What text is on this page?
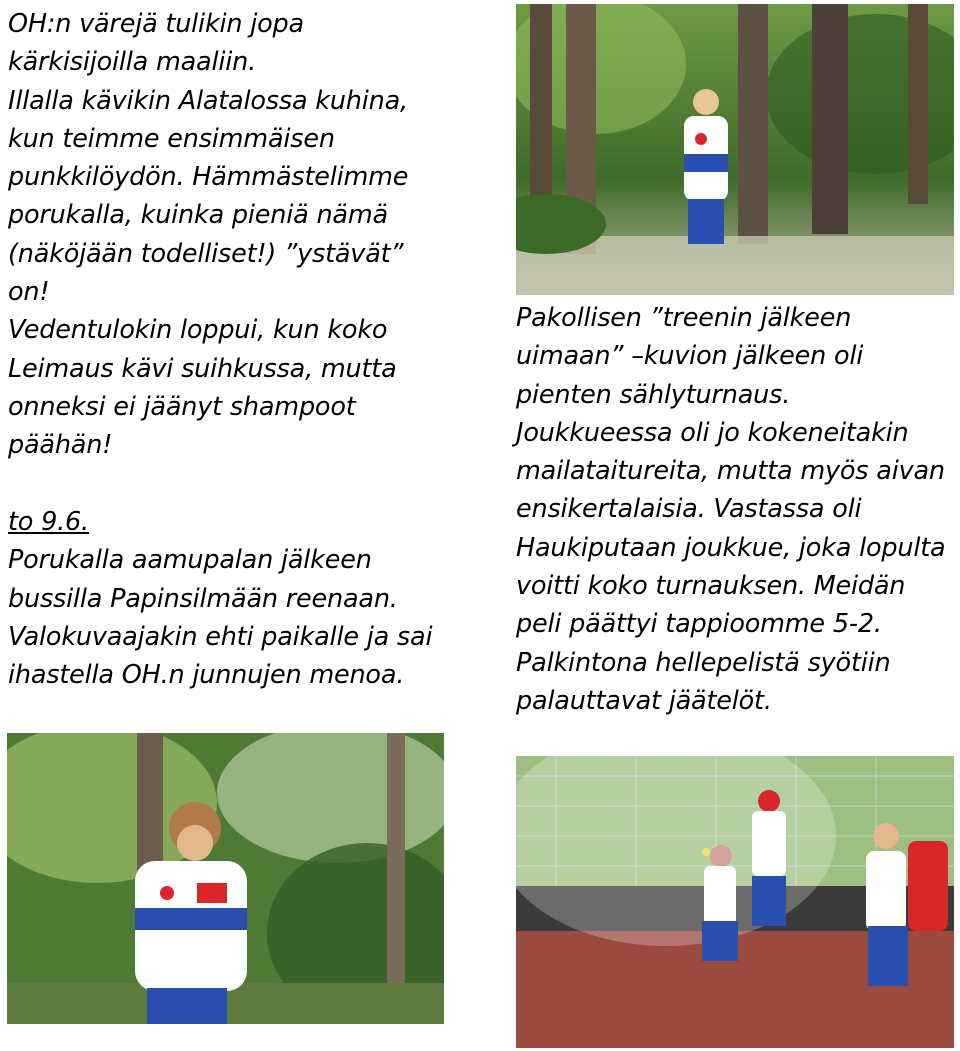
OH:n värejä tulikin jopa
kärkisijoilla maaliin.
Illalla kävikin Alatalossa kuhina,
kun teimme ensimmäisen
punkkilöydön. Hämmästelimme
porukalla, kuinka pieniä nämä
(näköjään todelliset!) ”ystävät”
on!
Vedentulokin loppui, kun koko
Leimaus kävi suihkussa, mutta
onneksi ei jäänyt shampoot
päähän!
to 9.6.
Porukalla aamupalan jälkeen
bussilla Papinsilmään reenaan.
Valokuvaajakin ehti paikalle ja sai
ihastella OH.n junnujen menoa.
Pakollisen ”treenin jälkeen
uimaan” –kuvion jälkeen oli
pienten sählyturnaus.
Joukkueessa oli jo kokeneitakin
mailataitureita, mutta myös aivan
ensikertalaisia. Vastassa oli
Haukiputaan joukkue, joka lopulta
voitti koko turnauksen. Meidän
peli päättyi tappioomme 5-2.
Palkintona hellepelistä syötiin
palauttavat jäätelöt.
